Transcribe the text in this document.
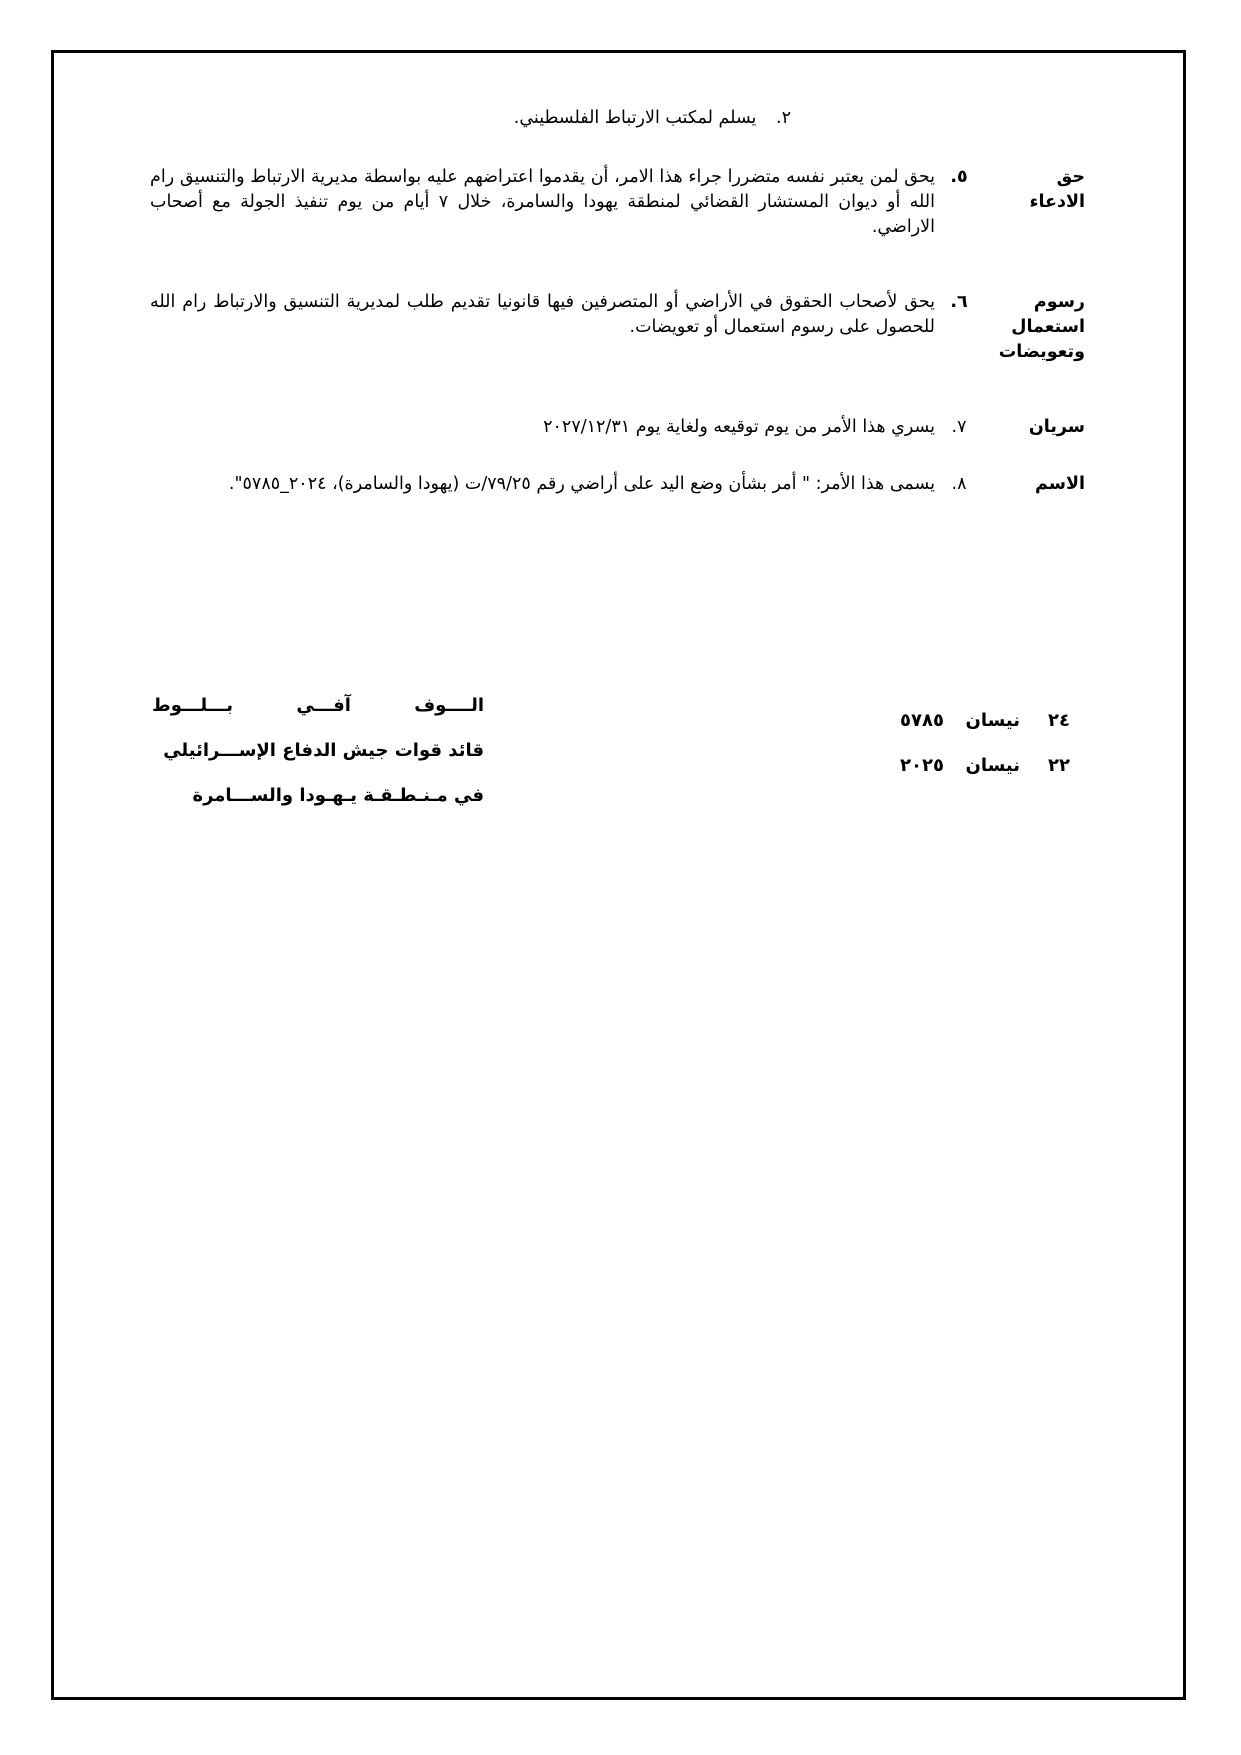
٢. يسلم لمكتب الارتباط الفلسطيني.
حق الادعاء
٥.
يحق لمن يعتبر نفسه متضررا جراء هذا الامر، أن يقدموا اعتراضهم عليه بواسطة مديرية الارتباط والتنسيق رام الله أو ديوان المستشار القضائي لمنطقة يهودا والسامرة، خلال ٧ أيام من يوم تنفيذ الجولة مع أصحاب الاراضي.
رسوم استعمال وتعويضات
٦.
يحق لأصحاب الحقوق في الأراضي أو المتصرفين فيها قانونيا تقديم طلب لمديرية التنسيق والارتباط رام الله للحصول على رسوم استعمال أو تعويضات.
سريان
٧.
يسري هذا الأمر من يوم توقيعه ولغاية يوم ٢٠٢٧/١٢/٣١
الاسم
٨.
يسمى هذا الأمر: " أمر بشأن وضع اليد على أراضي رقم ٧٩/٢٥/ت (يهودا والسامرة)، ٢٠٢٤_٥٧٨٥".
٢٤
نيسان
٥٧٨٥
٢٢
نيسان
٢٠٢٥
الــــوف آفـــي بـــلـــوط
قائد قوات جيش الدفاع الإســـرائيلي
في مـنـطـقـة يـهـودا والســـامرة
